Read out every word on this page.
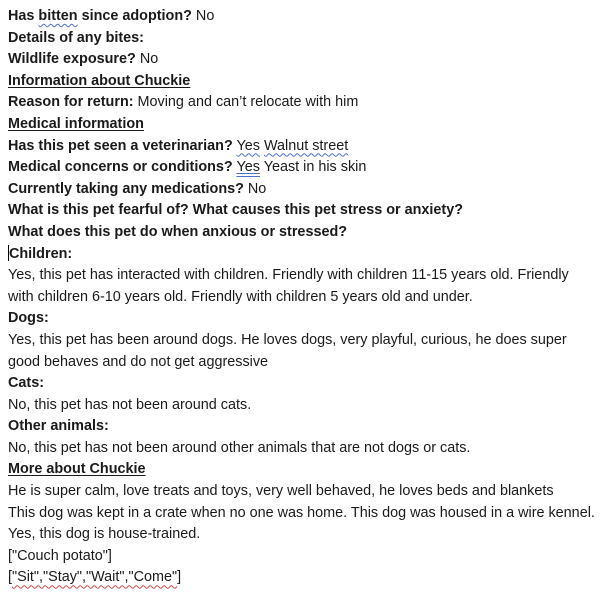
Has bitten since adoption? No
Details of any bites:
Wildlife exposure? No
Information about Chuckie
Reason for return: Moving and can’t relocate with him
Medical information
Has this pet seen a veterinarian? Yes Walnut street
Medical concerns or conditions? Yes Yeast in his skin
Currently taking any medications? No
What is this pet fearful of? What causes this pet stress or anxiety?
What does this pet do when anxious or stressed?
Children:
Yes, this pet has interacted with children. Friendly with children 11-15 years old. Friendly
with children 6-10 years old. Friendly with children 5 years old and under.
Dogs:
Yes, this pet has been around dogs. He loves dogs, very playful, curious, he does super
good behaves and do not get aggressive
Cats:
No, this pet has not been around cats.
Other animals:
No, this pet has not been around other animals that are not dogs or cats.
More about Chuckie
He is super calm, love treats and toys, very well behaved, he loves beds and blankets
This dog was kept in a crate when no one was home. This dog was housed in a wire kennel.
Yes, this dog is house-trained.
["Couch potato"]
["Sit","Stay","Wait","Come"]
